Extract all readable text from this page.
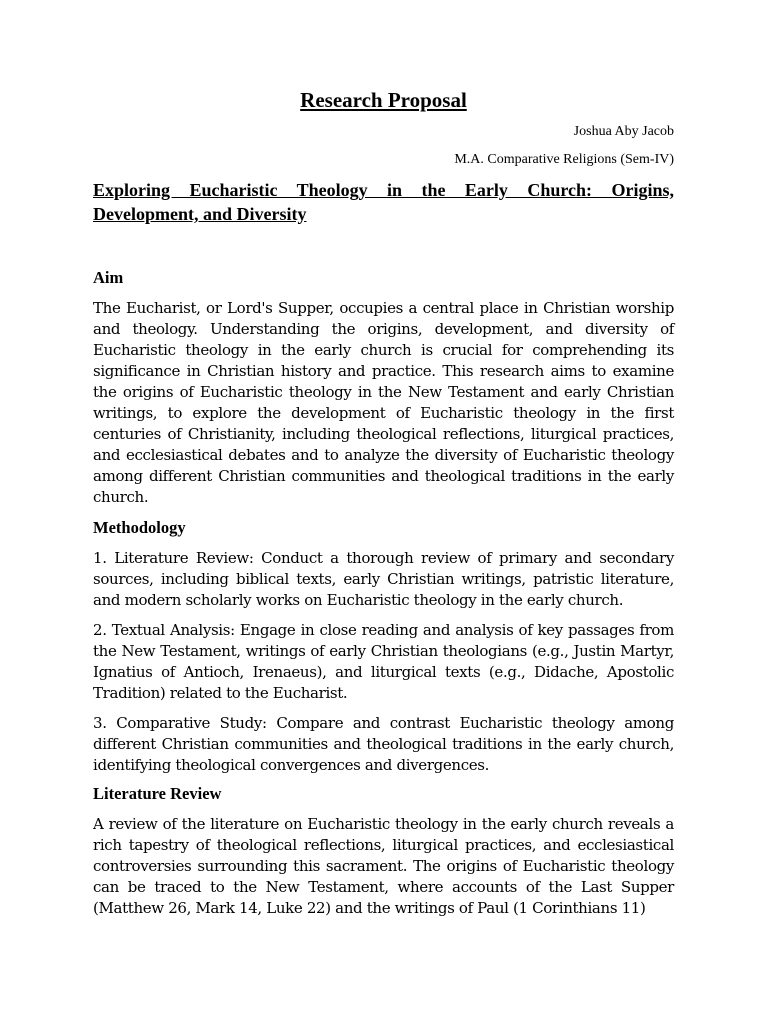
Research Proposal

Joshua Aby Jacob

M.A. Comparative Religions (Sem-IV)

Exploring Eucharistic Theology in the Early Church: Origins, Development, and Diversity
Aim

The Eucharist, or Lord's Supper, occupies a central place in Christian worship and theology. Understanding the origins, development, and diversity of Eucharistic theology in the early church is crucial for comprehending its significance in Christian history and practice. This research aims to examine the origins of Eucharistic theology in the New Testament and early Christian writings, to explore the development of Eucharistic theology in the first centuries of Christianity, including theological reflections, liturgical practices, and ecclesiastical debates and to analyze the diversity of Eucharistic theology among different Christian communities and theological traditions in the early church.

Methodology

1. Literature Review: Conduct a thorough review of primary and secondary sources, including biblical texts, early Christian writings, patristic literature, and modern scholarly works on Eucharistic theology in the early church.

2. Textual Analysis: Engage in close reading and analysis of key passages from the New Testament, writings of early Christian theologians (e.g., Justin Martyr, Ignatius of Antioch, Irenaeus), and liturgical texts (e.g., Didache, Apostolic Tradition) related to the Eucharist.

3. Comparative Study: Compare and contrast Eucharistic theology among different Christian communities and theological traditions in the early church, identifying theological convergences and divergences.

Literature Review

A review of the literature on Eucharistic theology in the early church reveals a rich tapestry of theological reflections, liturgical practices, and ecclesiastical controversies surrounding this sacrament. The origins of Eucharistic theology can be traced to the New Testament, where accounts of the Last Supper (Matthew 26, Mark 14, Luke 22) and the writings of Paul (1 Corinthians 11)
